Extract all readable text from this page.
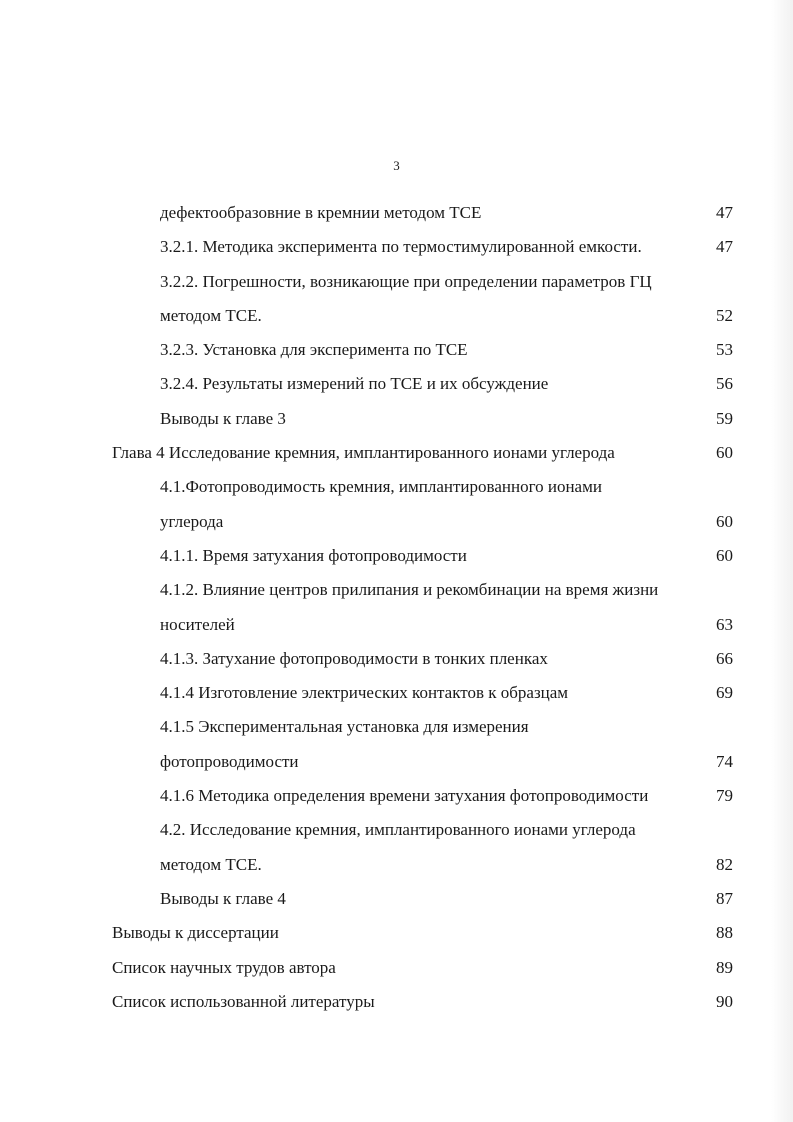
3
дефектообразовние в кремнии методом ТСЕ	47
3.2.1. Методика эксперимента по термостимулированной емкости.	47
3.2.2. Погрешности, возникающие при определении параметров ГЦ
методом ТСЕ.	52
3.2.3. Установка для эксперимента по ТСЕ	53
3.2.4. Результаты измерений по ТСЕ и их обсуждение	56
Выводы к главе 3	59
Глава 4 Исследование кремния, имплантированного ионами углерода	60
4.1.Фотопроводимость кремния, имплантированного ионами
углерода	60
4.1.1. Время затухания фотопроводимости	60
4.1.2. Влияние центров прилипания и рекомбинации на время жизни
носителей	63
4.1.3. Затухание фотопроводимости в тонких пленках	66
4.1.4 Изготовление электрических контактов к образцам	69
4.1.5 Экспериментальная установка для измерения
фотопроводимости	74
4.1.6 Методика определения времени затухания фотопроводимости	79
4.2. Исследование кремния, имплантированного ионами углерода
методом ТСЕ.	82
Выводы к главе 4	87
Выводы к диссертации	88
Список научных трудов автора	89
Список использованной литературы	90
